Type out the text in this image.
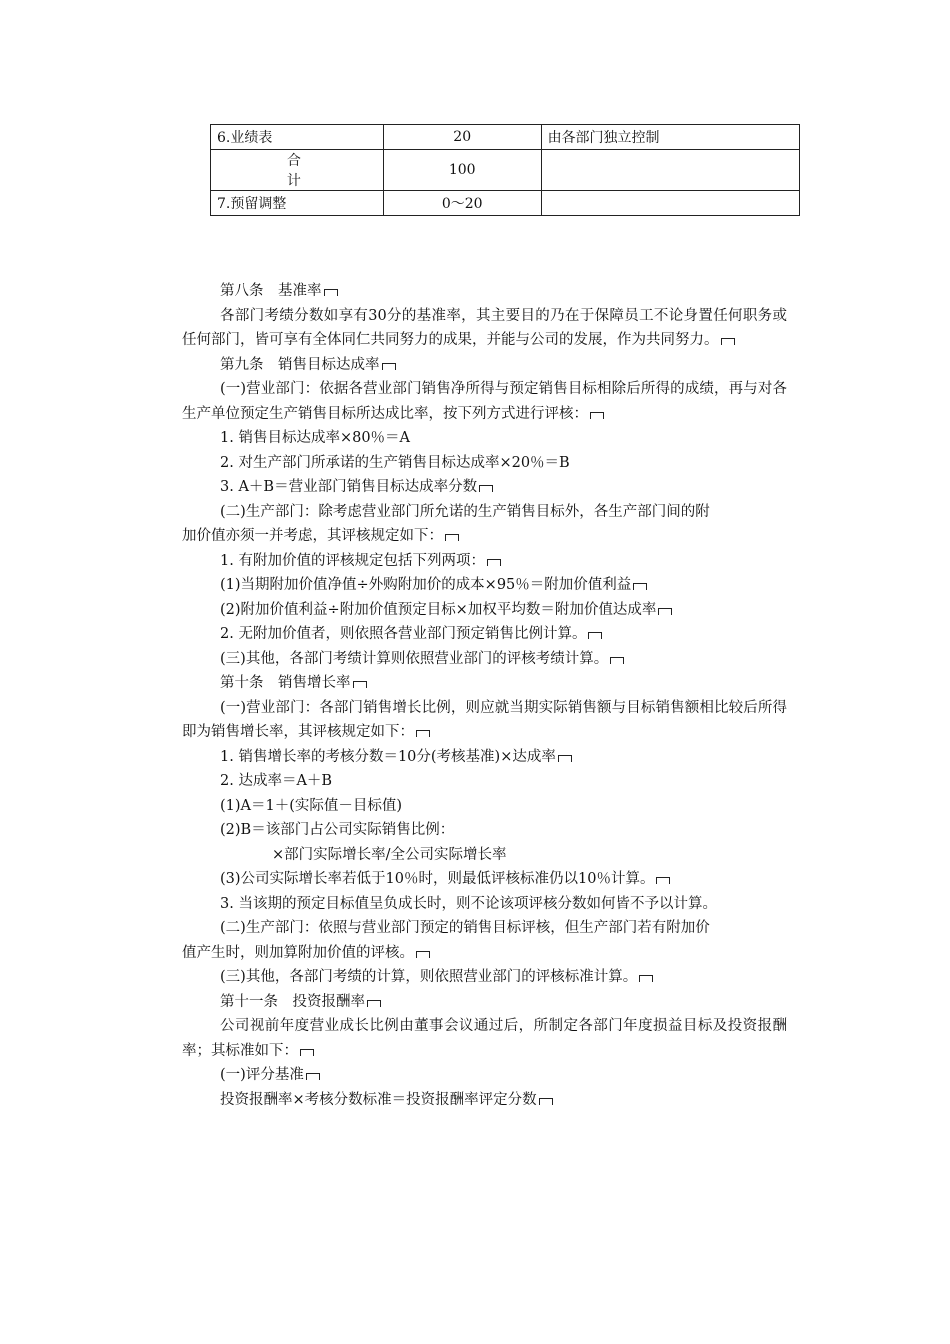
6.业绩表	20	由各部门独立控制
合计	100	
7.预留调整	0～20	
第八条　基准率
各部门考绩分数如享有30分的基准率，其主要目的乃在于保障员工不论身置任何职务或任何部门，皆可享有全体同仁共同努力的成果，并能与公司的发展，作为共同努力。
第九条　销售目标达成率
(一)营业部门：依据各营业部门销售净所得与预定销售目标相除后所得的成绩，再与对各生产单位预定生产销售目标所达成比率，按下列方式进行评核：
1. 销售目标达成率×80％＝A
2. 对生产部门所承诺的生产销售目标达成率×20％＝B
3. A＋B＝营业部门销售目标达成率分数
(二)生产部门：除考虑营业部门所允诺的生产销售目标外，各生产部门间的附
加价值亦须一并考虑，其评核规定如下：
1. 有附加价值的评核规定包括下列两项：
(1)当期附加价值净值÷外购附加价的成本×95％＝附加价值利益
(2)附加价值利益÷附加价值预定目标×加权平均数＝附加价值达成率
2. 无附加价值者，则依照各营业部门预定销售比例计算。
(三)其他，各部门考绩计算则依照营业部门的评核考绩计算。
第十条　销售增长率
(一)营业部门：各部门销售增长比例，则应就当期实际销售额与目标销售额相比较后所得即为销售增长率，其评核规定如下：
1. 销售增长率的考核分数＝10分(考核基准)×达成率
2. 达成率＝A＋B
(1)A＝1＋(实际值－目标值)
(2)B＝该部门占公司实际销售比例：
×部门实际增长率/全公司实际增长率
(3)公司实际增长率若低于10％时，则最低评核标准仍以10％计算。
3. 当该期的预定目标值呈负成长时，则不论该项评核分数如何皆不予以计算。
(二)生产部门：依照与营业部门预定的销售目标评核，但生产部门若有附加价
值产生时，则加算附加价值的评核。
(三)其他，各部门考绩的计算，则依照营业部门的评核标准计算。
第十一条　投资报酬率
公司视前年度营业成长比例由董事会议通过后，所制定各部门年度损益目标及投资报酬率；其标准如下：
(一)评分基准
投资报酬率×考核分数标准＝投资报酬率评定分数
